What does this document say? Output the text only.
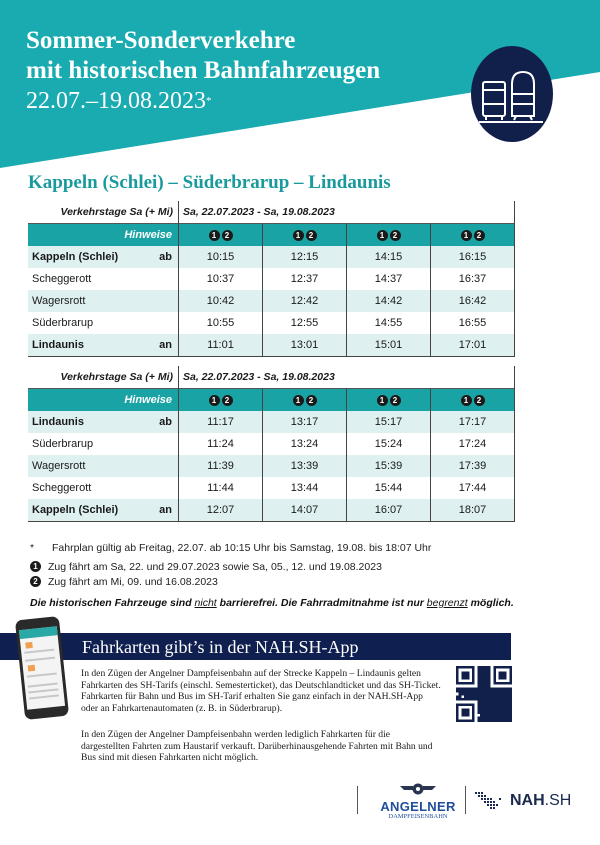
Sommer-Sonderverkehre
mit historischen Bahnfahrzeugen
22.07.–19.08.2023*
Kappeln (Schlei) – Süderbrarup – Lindaunis
Verkehrstage Sa (+ Mi)	Sa, 22.07.2023 - Sa, 19.08.2023			
Hinweise	1 2	1 2	1 2	1 2

Kappeln (Schlei) ab	10:15	12:15	14:15	16:15

Scheggerott	10:37	12:37	14:37	16:37

Wagersrott	10:42	12:42	14:42	16:42

Süderbrarup	10:55	12:55	14:55	16:55

Lindaunis an	11:01	13:01	15:01	17:01
Verkehrstage Sa (+ Mi)	Sa, 22.07.2023 - Sa, 19.08.2023			
Hinweise	1 2	1 2	1 2	1 2

Lindaunis ab	11:17	13:17	15:17	17:17

Süderbrarup	11:24	13:24	15:24	17:24

Wagersrott	11:39	13:39	15:39	17:39

Scheggerott	11:44	13:44	15:44	17:44

Kappeln (Schlei) an	12:07	14:07	16:07	18:07
*	Fahrplan gültig ab Freitag, 22.07. ab 10:15 Uhr bis Samstag, 19.08. bis 18:07 Uhr
1 Zug fährt am Sa, 22. und 29.07.2023 sowie Sa, 05., 12. und 19.08.2023
2 Zug fährt am Mi, 09. und 16.08.2023
Die historischen Fahrzeuge sind nicht barrierefrei. Die Fahrradmitnahme ist nur begrenzt möglich.
Fahrkarten gibt’s in der NAH.SH-App
In den Zügen der Angelner Dampfeisenbahn auf der Strecke Kappeln – Lindaunis gelten Fahrkarten des SH-Tarifs (einschl. Semesterticket), das Deutschlandticket und das SH-Ticket. Fahrkarten für Bahn und Bus im SH-Tarif erhalten Sie ganz einfach in der NAH.SH-App oder an Fahrkartenautomaten (z. B. in Süderbrarup).
In den Zügen der Angelner Dampfeisenbahn werden lediglich Fahrkarten für die dargestellten Fahrten zum Haustarif verkauft. Darüberhinausgehende Fahrten mit Bahn und Bus sind mit diesen Fahrkarten nicht möglich.
ANGELNER
DAMPFEISENBAHN
NAH.SH
